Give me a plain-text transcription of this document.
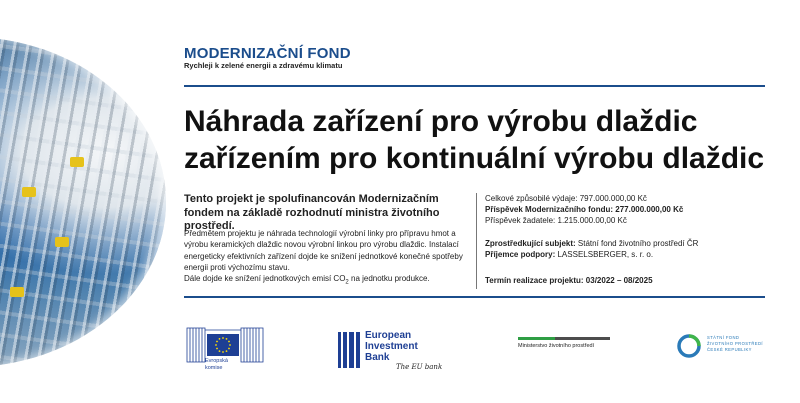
MODERNIZAČNÍ FOND
Rychleji k zelené energii a zdravému klimatu
Náhrada zařízení pro výrobu dlaždic
zařízením pro kontinuální výrobu dlaždic
Tento projekt je spolufinancován Modernizačním fondem na základě rozhodnutí ministra životního prostředí.
Předmětem projektu je náhrada technologií výrobní linky pro přípravu hmot a výrobu keramických dlaždic novou výrobní linkou pro výrobu dlaždic. Instalací energeticky efektivních zařízení dojde ke snížení jednotkové konečné spotřeby energii proti výchozímu stavu.
Dále dojde ke snížení jednotkových emisí $CO_2$ na jednotku produkce.
Celkové způsobilé výdaje: 797.000.000,00 Kč
Příspěvek Modernizačního fondu: 277.000.000,00 Kč
Příspěvek žadatele: 1.215.000.00,00 Kč
Zprostředkující subjekt: Státní fond životního prostředí ČR
Příjemce podpory: LASSELSBERGER, s. r. o.
Termín realizace projektu: 03/2022 – 08/2025
Evropská
komise
European
Investment
Bank
The EU bank
Ministerstvo životního prostředí
STÁTNÍ FOND
ŽIVOTNÍHO PROSTŘEDÍ
ČESKÉ REPUBLIKY
